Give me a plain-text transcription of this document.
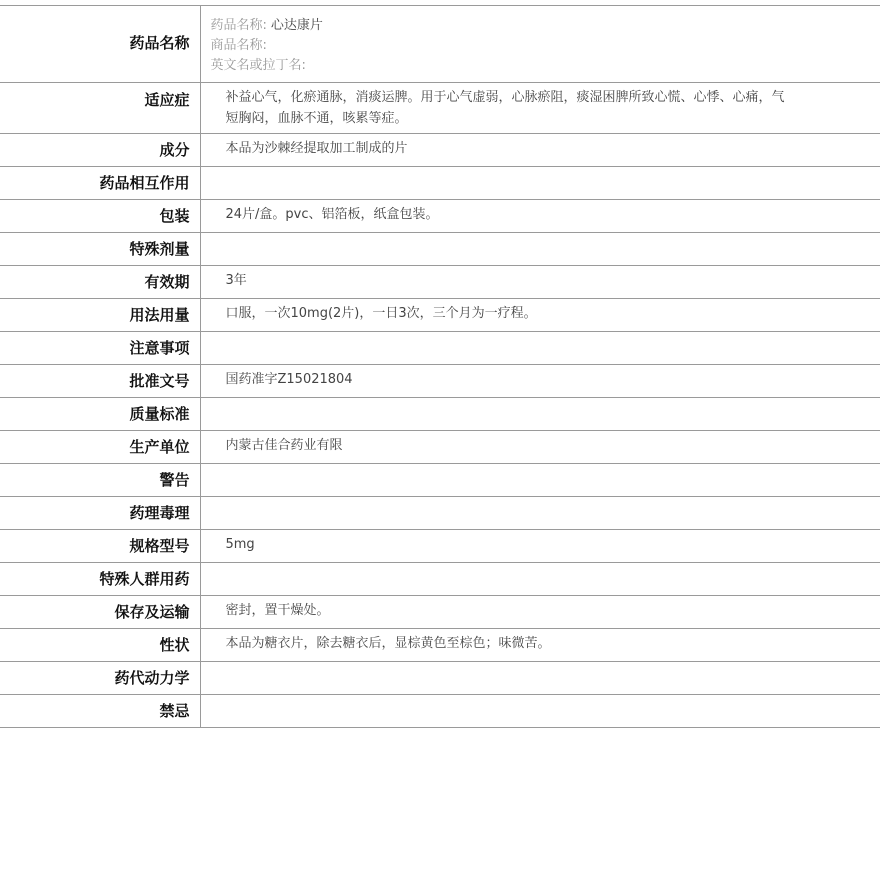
药品名称	药品名称: 心达康片
商品名称:
英文名或拉丁名:

适应症	补益心气，化瘀通脉，消痰运脾。用于心气虚弱，心脉瘀阻，痰湿困脾所致心慌、心悸、心痛，气短胸闷，血脉不通，咳累等症。
成分	本品为沙棘经提取加工制成的片
药品相互作用	
包装	24片/盒。pvc、铝箔板，纸盒包装。
特殊剂量	
有效期	3年
用法用量	口服，一次10mg(2片)，一日3次，三个月为一疗程。
注意事项	
批准文号	国药准字Z15021804
质量标准	
生产单位	内蒙古佳合药业有限
警告	
药理毒理	
规格型号	5mg
特殊人群用药	
保存及运输	密封，置干燥处。
性状	本品为糖衣片，除去糖衣后，显棕黄色至棕色；味微苦。
药代动力学	
禁忌	
